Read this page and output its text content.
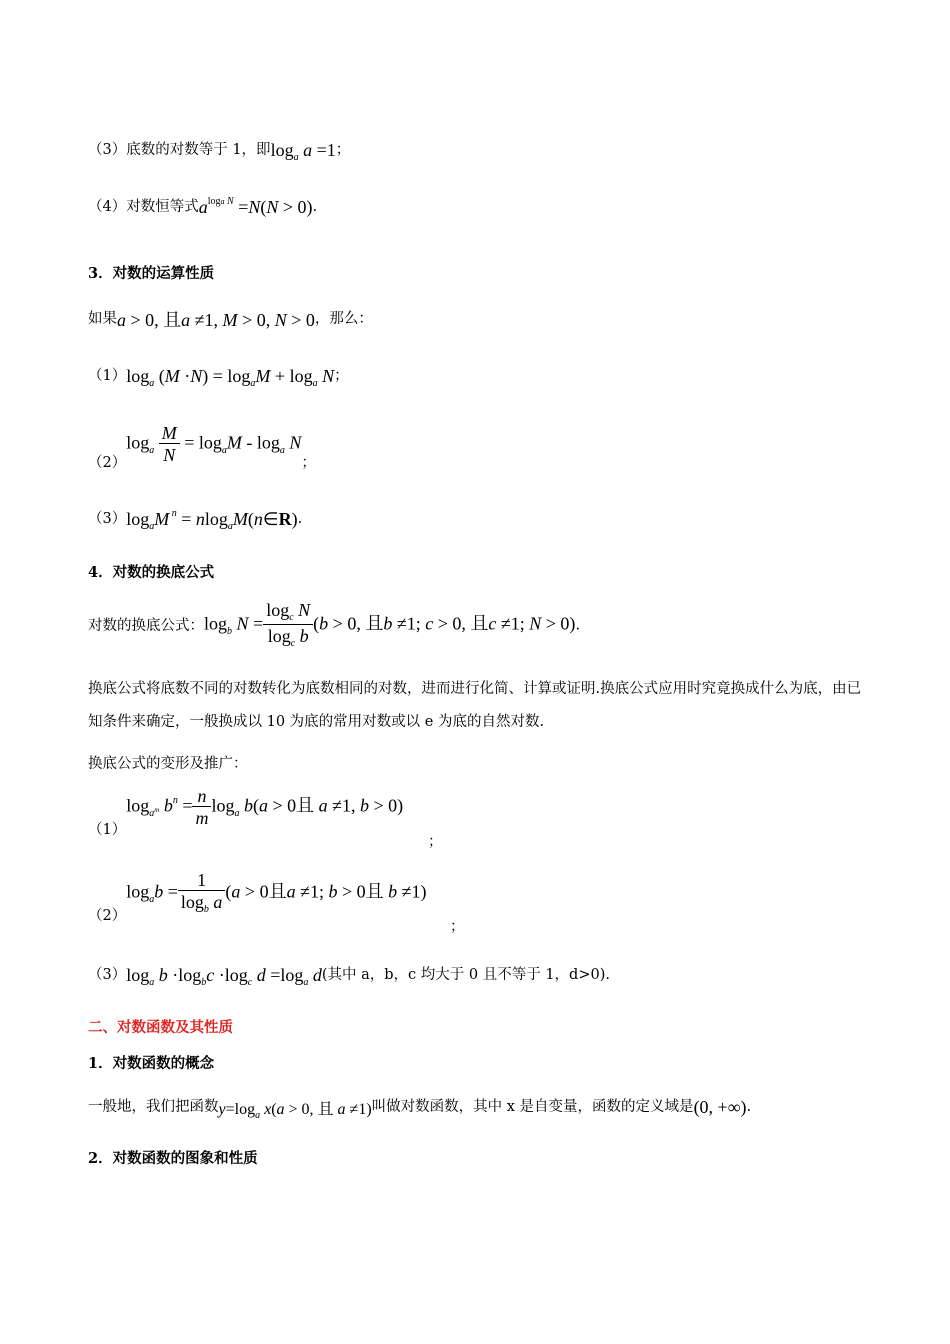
（3）底数的对数等于 1，即$\log_a a =1$；
（4）对数恒等式$a^{loga N} =N(N > 0)$.
3．对数的运算性质
如果a > 0, 且a ≠1, M > 0, N > 0，那么：
$(1)\log_a$ $(M \cdot N) = \log_aM + \log_a N$；
$(2)\log_a \frac{M}{N} = \log_aM - \log_a N$；
$(3)\log_aM$ $^n$ = nlog$_a$M(n∈R).
4．对数的换底公式
对数的换底公式：$\log_b N = \frac{\log_c N}{\log_c b} (b > 0$, 且b ≠1; c > 0, 且c ≠1; N > 0).
换底公式将底数不同的对数转化为底数相同的对数，进而进行化简、计算或证明.换底公式应用时究竟换成什么为底，由已知条件来确定，一般换成以 10 为底的常用对数或以 e 为底的自然对数.
换底公式的变形及推广：
$(1)\log_{a^m}$ $b^n = \frac{n}{m} \log_a b(a > 0$且 a ≠1, b > 0)
；
$(2)\log_ab = \frac{1}{\log_b a} (a > 0$且a ≠1; b > 0且 b ≠1)
；
$(3)\log_a$ $b \cdot\log_bc \cdot\log_c$ $d =\log_a$ d(其中 a，b，c 均大于 0 且不等于 1，d>0).
二、对数函数及其性质
1．对数函数的概念
一般地，我们把函数$y=\log_a$ x(a > 0, 且 a ≠1)叫做对数函数，其中 x 是自变量，函数的定义域是(0, +∞).
2．对数函数的图象和性质
